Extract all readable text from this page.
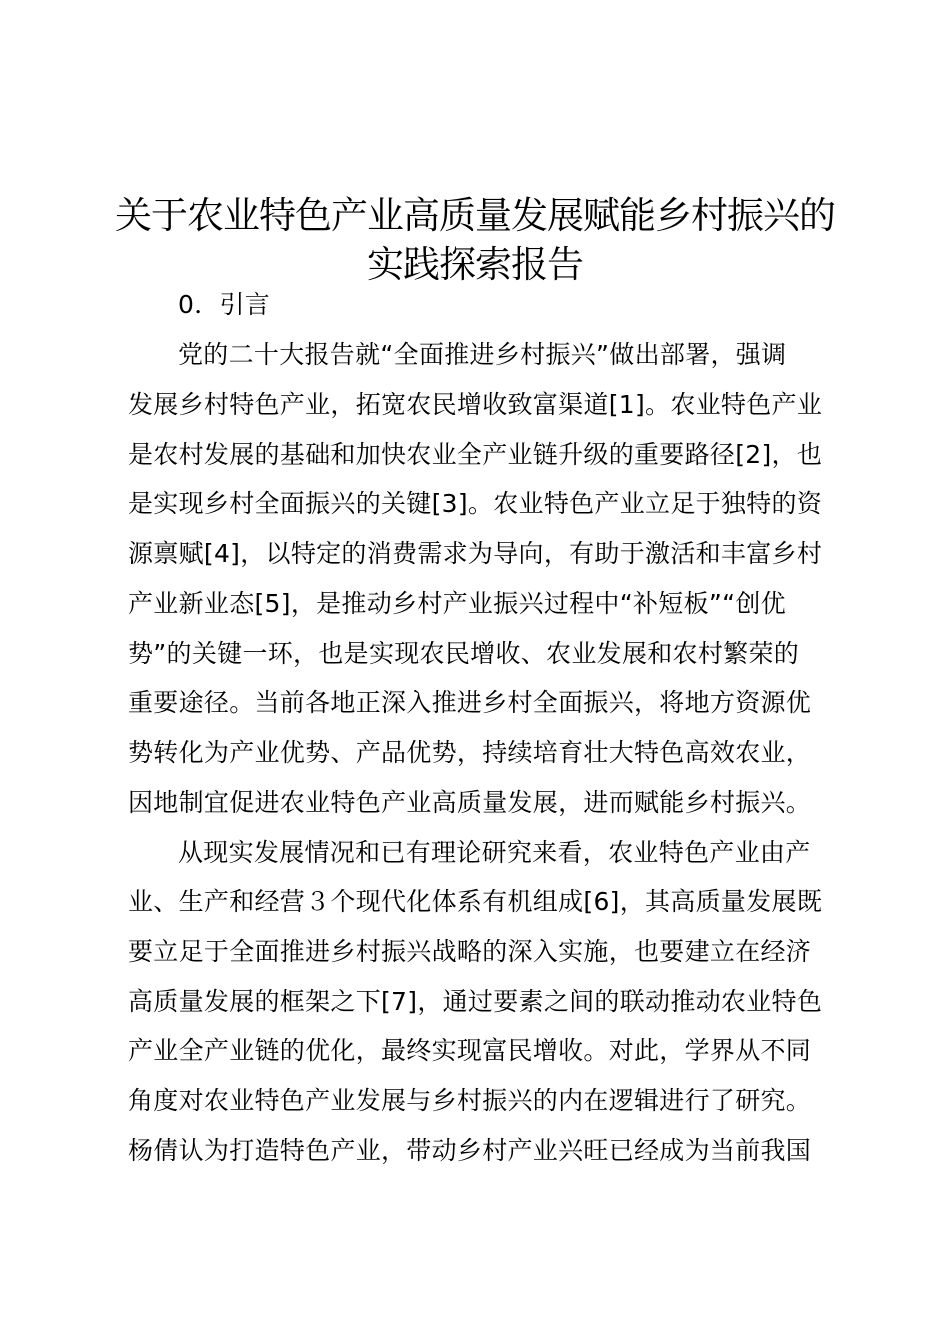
关于农业特色产业高质量发展赋能乡村振兴的
实践探索报告
0．引言
党的二十大报告就“全面推进乡村振兴”做出部署，强调
发展乡村特色产业，拓宽农民增收致富渠道[1]。农业特色产业
是农村发展的基础和加快农业全产业链升级的重要路径[2]，也
是实现乡村全面振兴的关键[3]。农业特色产业立足于独特的资
源禀赋[4]，以特定的消费需求为导向，有助于激活和丰富乡村
产业新业态[5]，是推动乡村产业振兴过程中“补短板”“创优
势”的关键一环，也是实现农民增收、农业发展和农村繁荣的
重要途径。当前各地正深入推进乡村全面振兴，将地方资源优
势转化为产业优势、产品优势，持续培育壮大特色高效农业，
因地制宜促进农业特色产业高质量发展，进而赋能乡村振兴。
从现实发展情况和已有理论研究来看，农业特色产业由产
业、生产和经营３个现代化体系有机组成[6]，其高质量发展既
要立足于全面推进乡村振兴战略的深入实施，也要建立在经济
高质量发展的框架之下[7]，通过要素之间的联动推动农业特色
产业全产业链的优化，最终实现富民增收。对此，学界从不同
角度对农业特色产业发展与乡村振兴的内在逻辑进行了研究。
杨倩认为打造特色产业，带动乡村产业兴旺已经成为当前我国
